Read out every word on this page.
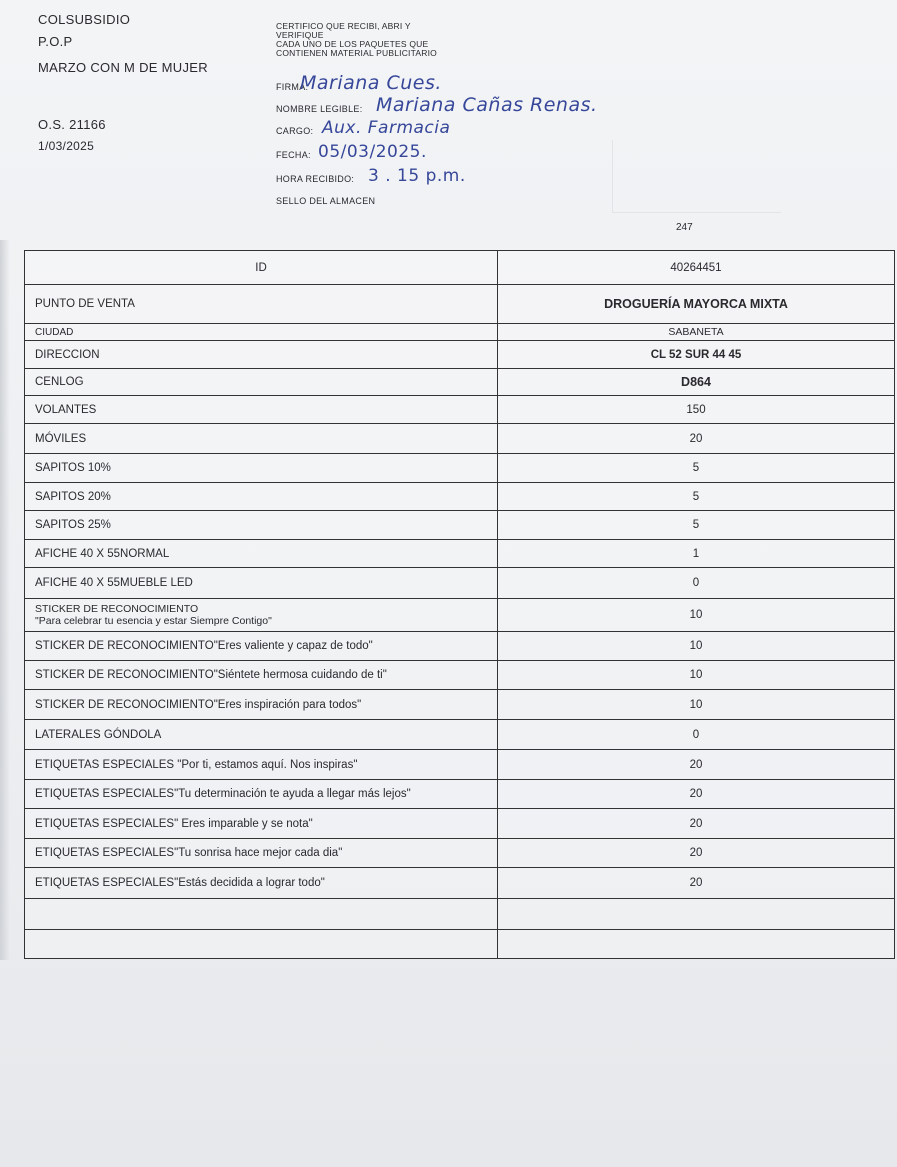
COLSUBSIDIO
P.O.P
MARZO CON M DE MUJER
O.S. 21166
1/03/2025

CERTIFICO QUE RECIBI, ABRI Y

VERIFIQUE

CADA UNO DE LOS PAQUETES QUE

CONTIENEN MATERIAL PUBLICITARIO

FIRMA:
Mariana Cues.
NOMBRE LEGIBLE: Mariana Cañas Renas.
CARGO: Aux. Farmacia
FECHA: 05/03/2025.
HORA RECIBIDO: 3 . 15 p.m.
SELLO DEL ALMACEN
247
ID	40264451
PUNTO DE VENTA	DROGUERÍA MAYORCA MIXTA
CIUDAD	SABANETA
DIRECCION	CL 52 SUR 44 45
CENLOG	D864
VOLANTES	150
MÓVILES	20
SAPITOS 10%	5
SAPITOS 20%	5
SAPITOS 25%	5
AFICHE 40 X 55NORMAL	1
AFICHE 40 X 55MUEBLE LED	0

STICKER DE RECONOCIMIENTO
"Para celebrar tu esencia y estar Siempre Contigo"	10
STICKER DE RECONOCIMIENTO"Eres valiente y capaz de todo"	10
STICKER DE RECONOCIMIENTO"Siéntete hermosa cuidando de ti"	10
STICKER DE RECONOCIMIENTO"Eres inspiración para todos"	10
LATERALES GÓNDOLA	0
ETIQUETAS ESPECIALES "Por ti, estamos aquí. Nos inspiras"	20
ETIQUETAS ESPECIALES"Tu determinación te ayuda a llegar más lejos"	20
ETIQUETAS ESPECIALES" Eres imparable y se nota"	20
ETIQUETAS ESPECIALES"Tu sonrisa hace mejor cada dia"	20
ETIQUETAS ESPECIALES"Estás decidida a lograr todo"	20
